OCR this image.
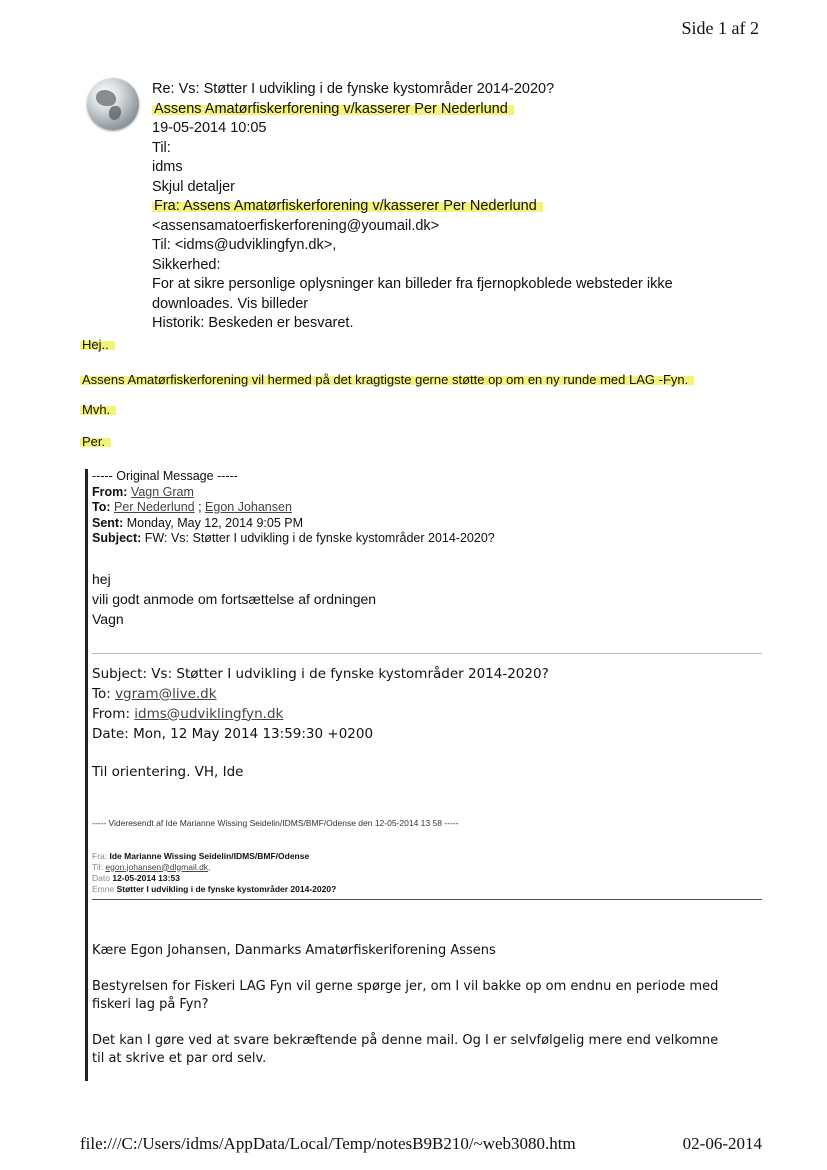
Side 1 af 2
Re: Vs: Støtter I udvikling i de fynske kystområder 2014-2020?
Assens Amatørfiskerforening v/kasserer Per Nederlund
19-05-2014 10:05
Til:
idms
Skjul detaljer
Fra: Assens Amatørfiskerforening v/kasserer Per Nederlund
<assensamatoerfiskerforening@youmail.dk>
Til: <idms@udviklingfyn.dk>,
Sikkerhed:
For at sikre personlige oplysninger kan billeder fra fjernopkoblede websteder ikke
downloades. Vis billeder
Historik: Beskeden er besvaret.
Hej..
Assens Amatørfiskerforening vil hermed på det kragtigste gerne støtte op om en ny runde med LAG -Fyn.
Mvh.
Per.
----- Original Message -----
From: Vagn Gram
To: Per Nederlund ; Egon Johansen
Sent: Monday, May 12, 2014 9:05 PM
Subject: FW: Vs: Støtter I udvikling i de fynske kystområder 2014-2020?
hej
vili godt anmode om fortsættelse af ordningen
Vagn
Subject: Vs: Støtter I udvikling i de fynske kystområder 2014-2020?
To: vgram@live.dk
From: idms@udviklingfyn.dk
Date: Mon, 12 May 2014 13:59:30 +0200
Til orientering. VH, Ide
----- Videresendt af Ide Marianne Wissing Seidelin/IDMS/BMF/Odense den 12-05-2014 13 58 -----
Fra: Ide Marianne Wissing Seidelin/IDMS/BMF/Odense
Til: egon.johansen@dlgmail.dk,
Dato 12-05-2014 13:53
Emne Støtter I udvikling i de fynske kystområder 2014-2020?
Kære Egon Johansen, Danmarks Amatørfiskeriforening Assens
Bestyrelsen for Fiskeri LAG Fyn vil gerne spørge jer, om I vil bakke op om endnu en periode med
fiskeri lag på Fyn?
Det kan I gøre ved at svare bekræftende på denne mail. Og I er selvfølgelig mere end velkomne
til at skrive et par ord selv.
file:///C:/Users/idms/AppData/Local/Temp/notesB9B210/~web3080.htm	02-06-2014
